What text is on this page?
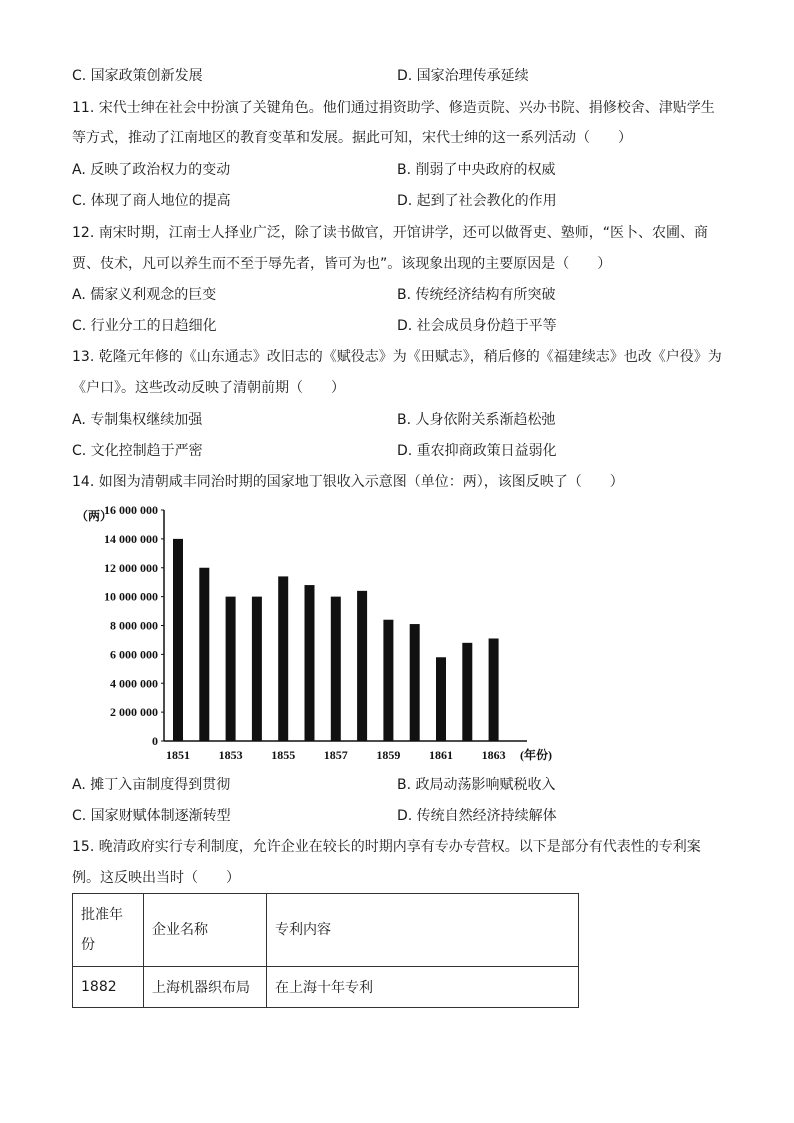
C. 国家政策创新发展	D. 国家治理传承延续
11. 宋代士绅在社会中扮演了关键角色。他们通过捐资助学、修造贡院、兴办书院、捐修校舍、津贴学生
等方式，推动了江南地区的教育变革和发展。据此可知，宋代士绅的这一系列活动（　　）
A. 反映了政治权力的变动	B. 削弱了中央政府的权威
C. 体现了商人地位的提高	D. 起到了社会教化的作用
12. 南宋时期，江南士人择业广泛，除了读书做官，开馆讲学，还可以做胥吏、塾师，“医卜、农圃、商
贾、伎术，凡可以养生而不至于辱先者，皆可为也”。该现象出现的主要原因是（　　）
A. 儒家义利观念的巨变	B. 传统经济结构有所突破
C. 行业分工的日趋细化	D. 社会成员身份趋于平等
13. 乾隆元年修的《山东通志》改旧志的《赋役志》为《田赋志》，稍后修的《福建续志》也改《户役》为
《户口》。这些改动反映了清朝前期（　　）
A. 专制集权继续加强	B. 人身依附关系渐趋松弛
C. 文化控制趋于严密	D. 重农抑商政策日益弱化
14. 如图为清朝咸丰同治时期的国家地丁银收入示意图（单位：两），该图反映了（　　）
（两）
16 000 000
14 000 000
12 000 000
10 000 000
8 000 000
6 000 000
4 000 000
2 000 000
0
1851 1853 1855 1857 1859 1861 1863 (年份)
A. 摊丁入亩制度得到贯彻	B. 政局动荡影响赋税收入
C. 国家财赋体制逐渐转型	D. 传统自然经济持续解体
15. 晚清政府实行专利制度，允许企业在较长的时期内享有专办专营权。以下是部分有代表性的专利案
例。这反映出当时（　　）
批准年
份	企业名称	专利内容
1882	上海机器织布局	在上海十年专利
